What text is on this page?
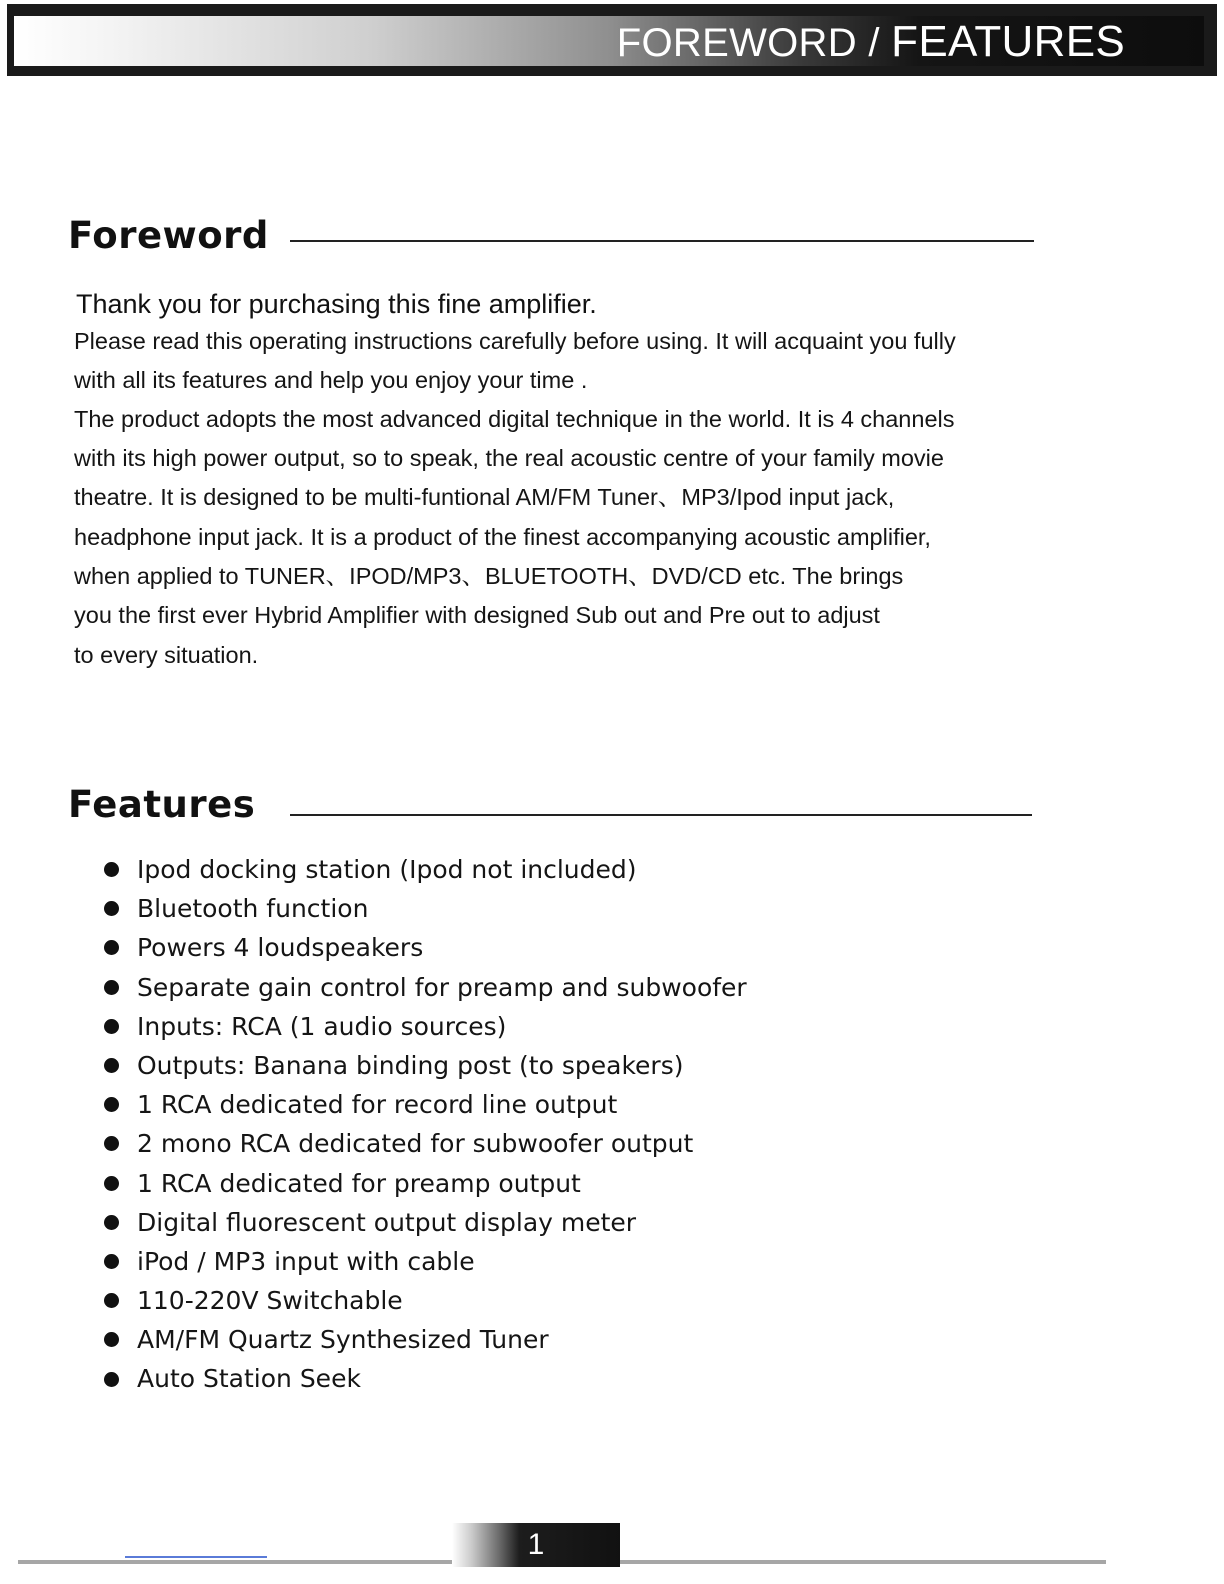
FOREWORD / FEATURES
Foreword
Thank you for purchasing this fine amplifier.
Please read this operating instructions carefully before using. It will acquaint you fully
with all its features and help you enjoy your time .
The product adopts the most advanced digital technique in the world. It is 4 channels
with its high power output, so to speak, the real acoustic centre of your family movie
theatre. It is designed to be multi-funtional AM/FM Tuner、MP3/Ipod input jack,
headphone input jack. It is a product of the finest accompanying acoustic amplifier,
when applied to TUNER、IPOD/MP3、BLUETOOTH、DVD/CD etc. The brings
you the first ever Hybrid Amplifier with designed Sub out and Pre out to adjust
to every situation.
Features
Ipod docking station (Ipod not included)
Bluetooth function
Powers 4 loudspeakers
Separate gain control for preamp and subwoofer
Inputs: RCA (1 audio sources)
Outputs: Banana binding post (to speakers)
1 RCA dedicated for record line output
2 mono RCA dedicated for subwoofer output
1 RCA dedicated for preamp output
Digital fluorescent output display meter
iPod / MP3 input with cable
110-220V Switchable
AM/FM Quartz Synthesized Tuner
Auto Station Seek
1
